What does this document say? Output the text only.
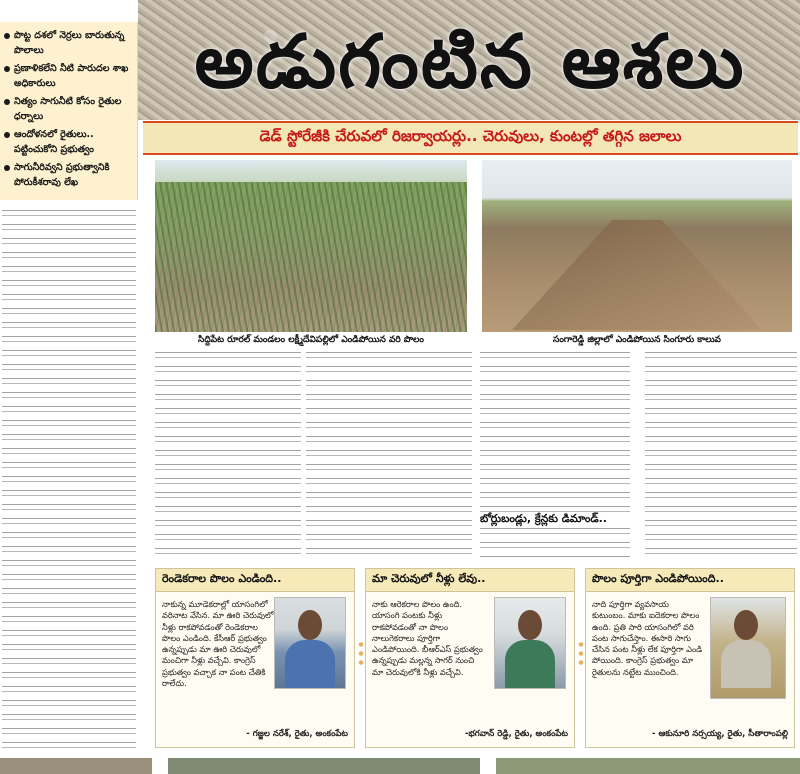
అడుగంటిన ఆశలు
పొట్ట దశలో నెర్రలు బారుతున్న పొలాలు
ప్రణాళికలేని నీటి పారుదల శాఖ అధికారులు
నిత్యం సాగునీటి కోసం రైతుల ధర్నాలు
ఆందోళనలో రైతులు.. పట్టించుకోని ప్రభుత్వం
సాగునీరివ్వని ప్రభుత్వానికి పోరుకీశరావు లేఖ
డెడ్ స్టోరేజీకి చేరువలో రిజర్వాయర్లు.. చెరువులు, కుంటల్లో తగ్గిన జలాలు
సిద్దిపేట రూరల్ మండలం లక్ష్మీదేవిపల్లిలో ఎండిపోయిన వరి పొలం	సంగారెడ్డి జిల్లాలో ఎండిపోయిన సింగూరు కాలువ
బోర్లుబండ్లు, క్రేన్లకు డిమాండ్..
రెండెకరాల పొలం ఎండింది..
నాకున్న మూడెకరాల్లో యాసంగిలో వరినాట వేసిన. మా ఊరి చెరువులో నీళ్లు రాకపోవడంతో రెండెకరాల పొలం ఎండింది. కేసీఆర్ ప్రభుత్వం ఉన్నప్పుడు మా ఊరి చెరువులో మంచిగా నీళ్లు వచ్చేవి. కాంగ్రెస్ ప్రభుత్వం వచ్చాక నా పంట చేతికి రాలేదు.
- గజ్జల నరేశ్, రైతు, అంకంపేట
మా చెరువులో నీళ్లు లేవు..
నాకు ఆరెకరాల పొలం ఉంది. యాసంగి పంటకు నీళ్లు రాకపోవడంతో నా పొలం నాలుగెకరాలు పూర్తిగా ఎండిపోయింది. బీఆర్ఎస్ ప్రభుత్వం ఉన్నప్పుడు మల్లన్న సాగర్ నుంచి మా చెరువులోకి నీళ్లు వచ్చేవి.
-భగవాన్ రెడ్డి, రైతు, అంకంపేట
పొలం పూర్తిగా ఎండిపోయింది..
నాది పూర్తిగా వ్యవసాయ కుటుంబం. మాకు ఐదెకరాల పొలం ఉంది. ప్రతి సారి యాసంగిలో వరి పంట సాగుచేస్తాం. ఈసారి సాగు చేసిన పంట నీళ్లు లేక పూర్తిగా ఎండి పోయింది. కాంగ్రెస్ ప్రభుత్వం మా రైతులను నట్టేట ముంచింది.
- ఆకునూరి నర్సయ్య, రైతు, సీతారాంపల్లి
